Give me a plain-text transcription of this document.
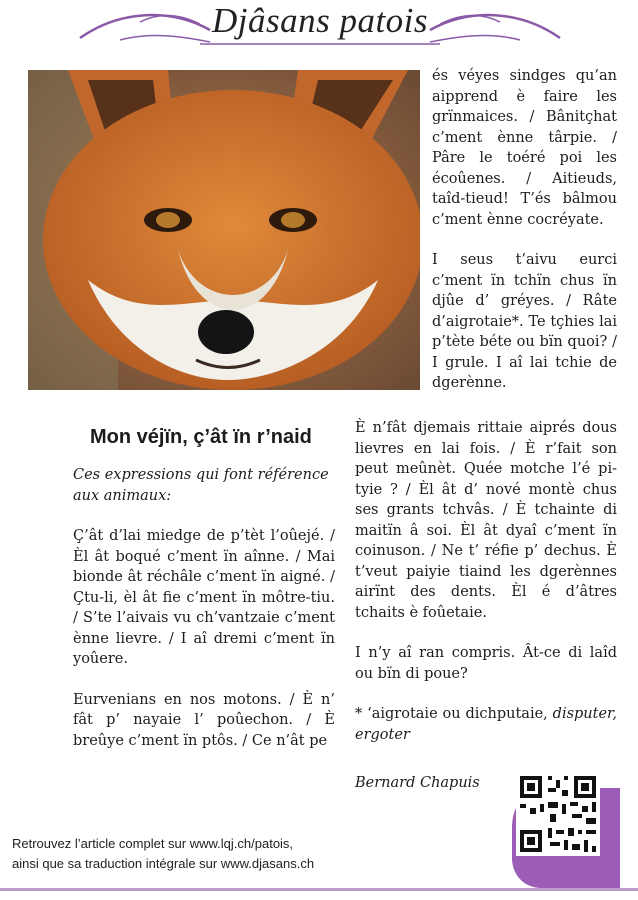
Djâsans patois

és véyes sindges qu’an aipprend è faire les grïnmaices. / Bânitçhat c’ment ènne târpie. / Pâre le toéré poi les écoûenes. / Aitieuds, taîd-tieud! T’és bâlmou c’ment ènne cocréyate.

I seus t’aivu eurci c’ment ïn tchïn chus ïn djûe d’ gréyes. / Râte d’aigrotaie*. Te tçhies lai p’tète béte ou bïn quoi? / I grule. I aî lai tchie de dgerènne.

Mon véjïn, ç’ât ïn r’naid

Ces expressions qui font référence aux animaux:

Ç’ât d’lai miedge de p’tèt l’oûejé. / Èl ât boqué c’ment ïn aînne. / Mai bionde ât réchâle c’ment ïn aigné. / Çtu-li, èl ât fie c’ment ïn môtre-tiu. / S’te l’aivais vu ch’vantzaie c’ment ènne lievre. / I aî dremi c’ment ïn yoûere.

Eurvenians en nos motons. / È n’ fât p’ nayaie l’ poûechon. / È breûye c’ment ïn ptôs. / Ce n’ât pe

È n’fât djemais rittaie aiprés dous lievres en lai fois. / È r’fait son peut meûnèt. Quée motche l’é pi-tyie ? / Èl ât d’ nové montè chus ses grants tchvâs. / È tchainte di maitïn â soi. Èl ât dyaî c’ment ïn coinuson. / Ne t’ réfie p’ dechus. È t’veut paiyie tiaind les dgerènnes airïnt des dents. Èl é d’âtres tchaits è foûetaie.

I n’y aî ran compris. Ât-ce di laîd ou bïn di poue?

* ‘aigrotaie ou dichputaie, disputer, ergoter

Bernard Chapuis

Retrouvez l’article complet sur www.lqj.ch/patois,
ainsi que sa traduction intégrale sur www.djasans.ch
